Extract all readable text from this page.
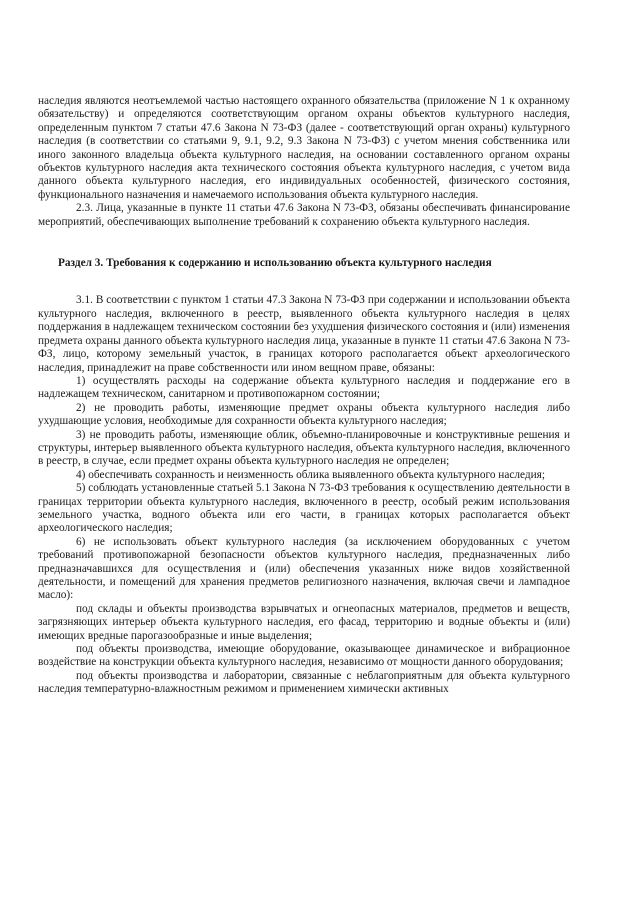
наследия являются неотъемлемой частью настоящего охранного обязательства (приложение N 1 к охранному обязательству) и определяются соответствующим органом охраны объектов культурного наследия, определенным пунктом 7 статьи 47.6 Закона N 73-ФЗ (далее - соответствующий орган охраны) культурного наследия (в соответствии со статьями 9, 9.1, 9.2, 9.3 Закона N 73-ФЗ) с учетом мнения собственника или иного законного владельца объекта культурного наследия, на основании составленного органом охраны объектов культурного наследия акта технического состояния объекта культурного наследия, с учетом вида данного объекта культурного наследия, его индивидуальных особенностей, физического состояния, функционального назначения и намечаемого использования объекта культурного наследия.

2.3. Лица, указанные в пункте 11 статьи 47.6 Закона N 73-ФЗ, обязаны обеспечивать финансирование мероприятий, обеспечивающих выполнение требований к сохранению объекта культурного наследия.

Раздел 3. Требования к содержанию и использованию объекта культурного наследия

3.1. В соответствии с пунктом 1 статьи 47.3 Закона N 73-ФЗ при содержании и использовании объекта культурного наследия, включенного в реестр, выявленного объекта культурного наследия в целях поддержания в надлежащем техническом состоянии без ухудшения физического состояния и (или) изменения предмета охраны данного объекта культурного наследия лица, указанные в пункте 11 статьи 47.6 Закона N 73-ФЗ, лицо, которому земельный участок, в границах которого располагается объект археологического наследия, принадлежит на праве собственности или ином вещном праве, обязаны:

1) осуществлять расходы на содержание объекта культурного наследия и поддержание его в надлежащем техническом, санитарном и противопожарном состоянии;

2) не проводить работы, изменяющие предмет охраны объекта культурного наследия либо ухудшающие условия, необходимые для сохранности объекта культурного наследия;

3) не проводить работы, изменяющие облик, объемно-планировочные и конструктивные решения и структуры, интерьер выявленного объекта культурного наследия, объекта культурного наследия, включенного в реестр, в случае, если предмет охраны объекта культурного наследия не определен;

4) обеспечивать сохранность и неизменность облика выявленного объекта культурного наследия;

5) соблюдать установленные статьей 5.1 Закона N 73-ФЗ требования к осуществлению деятельности в границах территории объекта культурного наследия, включенного в реестр, особый режим использования земельного участка, водного объекта или его части, в границах которых располагается объект археологического наследия;

6) не использовать объект культурного наследия (за исключением оборудованных с учетом требований противопожарной безопасности объектов культурного наследия, предназначенных либо предназначавшихся для осуществления и (или) обеспечения указанных ниже видов хозяйственной деятельности, и помещений для хранения предметов религиозного назначения, включая свечи и лампадное масло):

под склады и объекты производства взрывчатых и огнеопасных материалов, предметов и веществ, загрязняющих интерьер объекта культурного наследия, его фасад, территорию и водные объекты и (или) имеющих вредные парогазообразные и иные выделения;

под объекты производства, имеющие оборудование, оказывающее динамическое и вибрационное воздействие на конструкции объекта культурного наследия, независимо от мощности данного оборудования;

под объекты производства и лаборатории, связанные с неблагоприятным для объекта культурного наследия температурно-влажностным режимом и применением химически активных
